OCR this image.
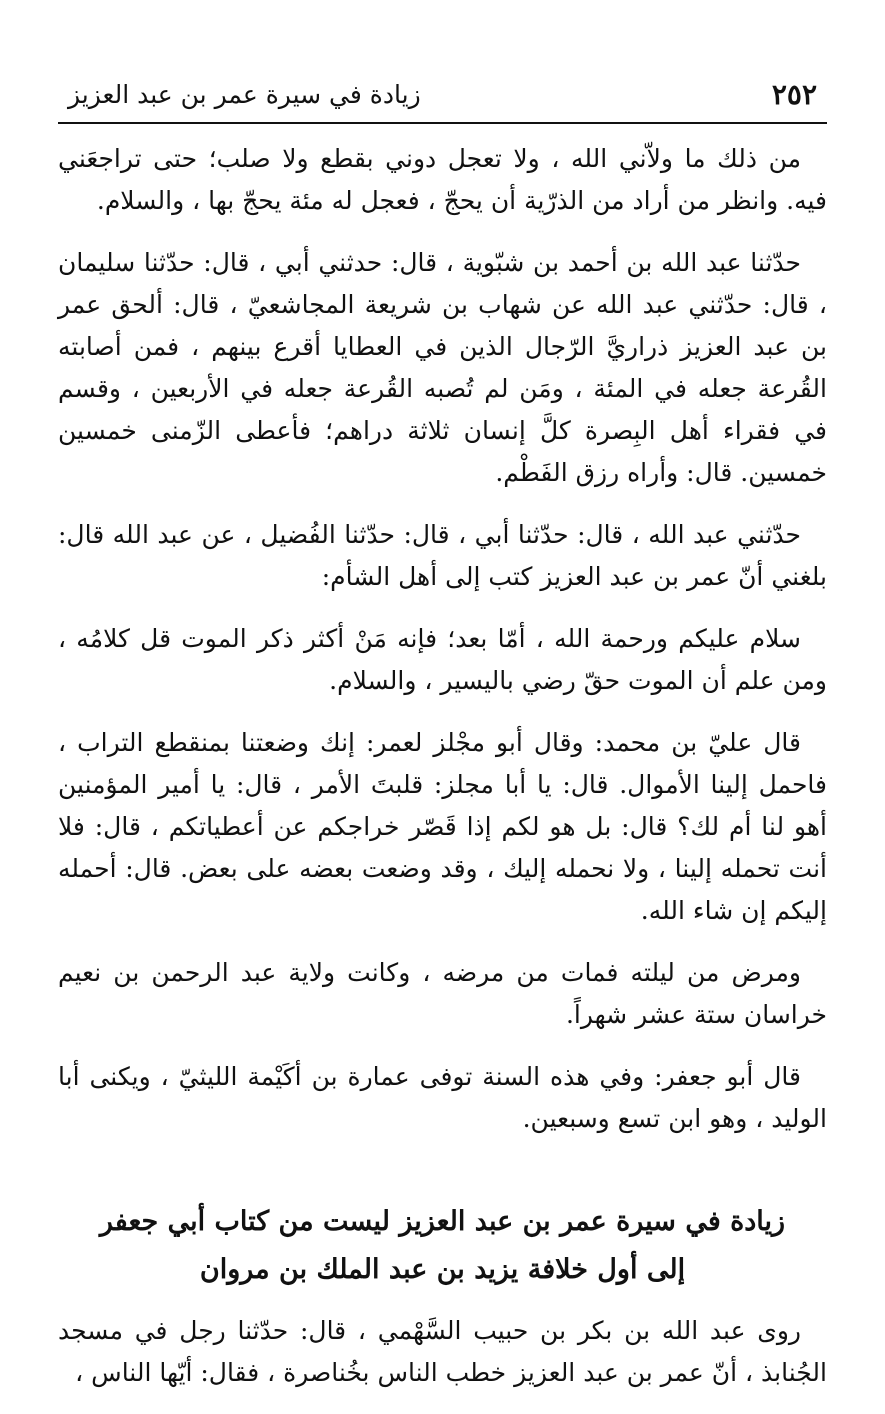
٢٥٢
زيادة في سيرة عمر بن عبد العزيز

من ذلك ما ولاّني الله ، ولا تعجل دوني بقطع ولا صلب؛ حتى تراجعَني فيه. وانظر من أراد من الذرّية أن يحجّ ، فعجل له مئة يحجّ بها ، والسلام.

حدّثنا عبد الله بن أحمد بن شبّوية ، قال: حدثني أبي ، قال: حدّثنا سليمان ، قال: حدّثني عبد الله عن شهاب بن شريعة المجاشعيّ ، قال: ألحق عمر بن عبد العزيز ذراريَّ الرّجال الذين في العطايا أقرع بينهم ، فمن أصابته القُرعة جعله في المئة ، ومَن لم تُصبه القُرعة جعله في الأربعين ، وقسم في فقراء أهل البِصرة كلَّ إنسان ثلاثة دراهم؛ فأعطى الزّمنى خمسين خمسين. قال: وأراه رزق الفَطْم.

حدّثني عبد الله ، قال: حدّثنا أبي ، قال: حدّثنا الفُضيل ، عن عبد الله قال: بلغني أنّ عمر بن عبد العزيز كتب إلى أهل الشأم:

سلام عليكم ورحمة الله ، أمّا بعد؛ فإنه مَنْ أكثر ذكر الموت قل كلامُه ، ومن علم أن الموت حقّ رضي باليسير ، والسلام.

قال عليّ بن محمد: وقال أبو مجْلز لعمر: إنك وضعتنا بمنقطع التراب ، فاحمل إلينا الأموال. قال: يا أبا مجلز: قلبتَ الأمر ، قال: يا أمير المؤمنين أهو لنا أم لك؟ قال: بل هو لكم إذا قَصّر خراجكم عن أعطياتكم ، قال: فلا أنت تحمله إلينا ، ولا نحمله إليك ، وقد وضعت بعضه على بعض. قال: أحمله إليكم إن شاء الله.

ومرض من ليلته فمات من مرضه ، وكانت ولاية عبد الرحمن بن نعيم خراسان ستة عشر شهراً.

قال أبو جعفر: وفي هذه السنة توفى عمارة بن أكَيْمة الليثيّ ، ويكنى أبا الوليد ، وهو ابن تسع وسبعين.

زيادة في سيرة عمر بن عبد العزيز ليست من كتاب أبي جعفر
إلى أول خلافة يزيد بن عبد الملك بن مروان

روى عبد الله بن بكر بن حبيب السَّهْمي ، قال: حدّثنا رجل في مسجد الجُنابذ ، أنّ عمر بن عبد العزيز خطب الناس بخُناصرة ، فقال: أيّها الناس ،
